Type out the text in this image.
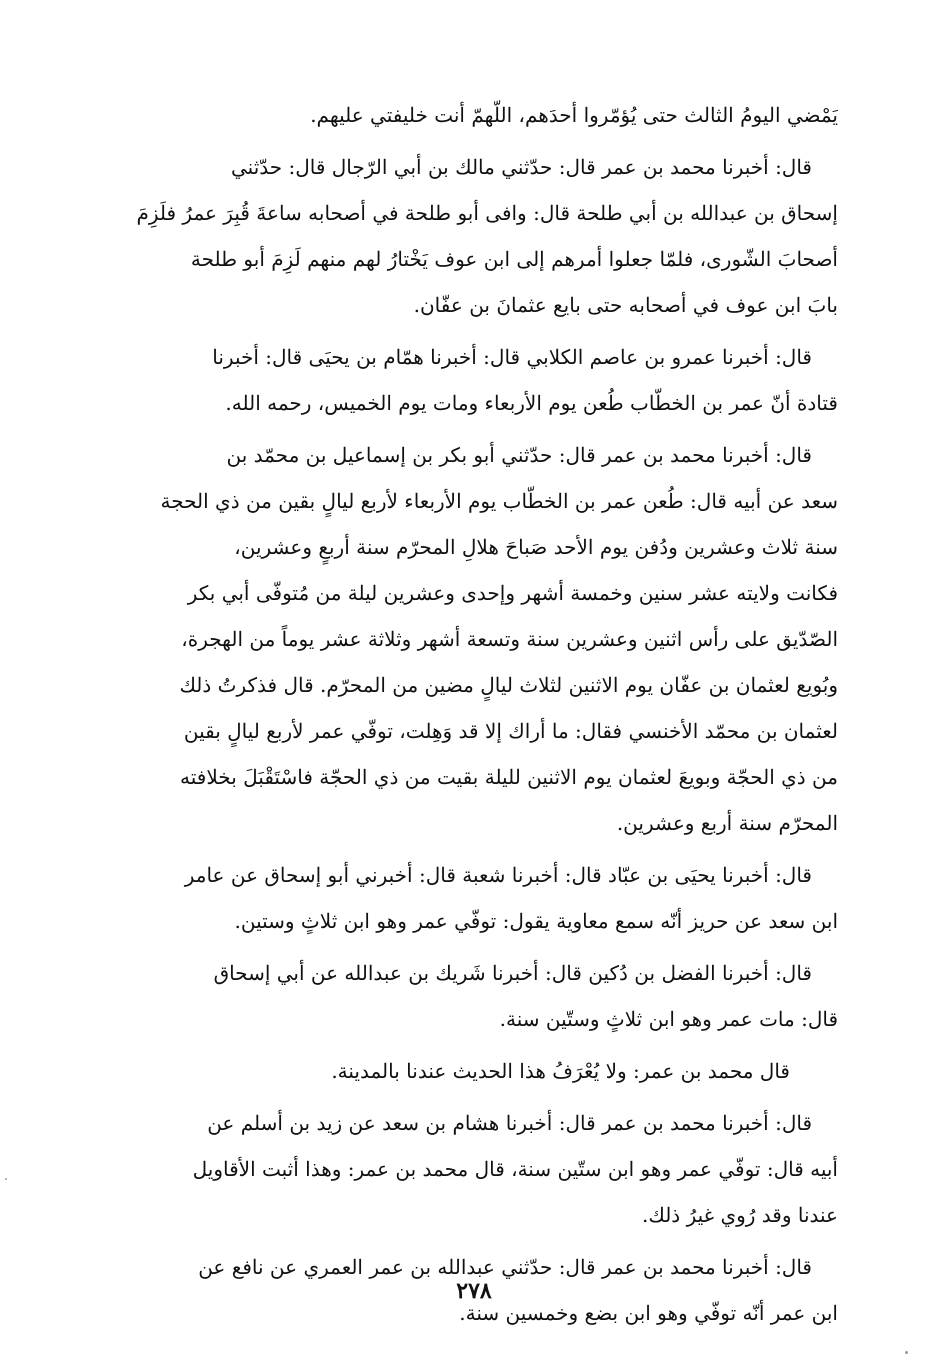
يَمْضي اليومُ الثالث حتى يُؤمّروا أحدَهم، اللّهمّ أنت خليفتي عليهم.
قال: أخبرنا محمد بن عمر قال: حدّثني مالك بن أبي الرّجال قال: حدّثني
إسحاق بن عبدالله بن أبي طلحة قال: وافى أبو طلحة في أصحابه ساعةَ قُبِرَ عمرُ فلَزِمَ
أصحابَ الشّورى، فلمّا جعلوا أمرهم إلى ابن عوف يَخْتارُ لهم منهم لَزِمَ أبو طلحة
بابَ ابن عوف في أصحابه حتى بايع عثمانَ بن عفّان.
قال: أخبرنا عمرو بن عاصم الكلابي قال: أخبرنا همّام بن يحيَى قال: أخبرنا
قتادة أنّ عمر بن الخطّاب طُعن يوم الأربعاء ومات يوم الخميس، رحمه الله.
قال: أخبرنا محمد بن عمر قال: حدّثني أبو بكر بن إسماعيل بن محمّد بن
سعد عن أبيه قال: طُعن عمر بن الخطّاب يوم الأربعاء لأربع ليالٍ بقين من ذي الحجة
سنة ثلاث وعشرين ودُفن يوم الأحد صَباحَ هلالِ المحرّم سنة أربعٍ وعشرين،
فكانت ولايته عشر سنين وخمسة أشهر وإحدى وعشرين ليلة من مُتوفّى أبي بكر
الصّدّيق على رأس اثنين وعشرين سنة وتسعة أشهر وثلاثة عشر يوماً من الهجرة،
وبُويع لعثمان بن عفّان يوم الاثنين لثلاث ليالٍ مضين من المحرّم. قال فذكرتُ ذلك
لعثمان بن محمّد الأخنسي فقال: ما أراك إلا قد وَهِلت، توفّي عمر لأربع ليالٍ بقين
من ذي الحجّة وبويعَ لعثمان يوم الاثنين لليلة بقيت من ذي الحجّة فاسْتَقْبَلَ بخلافته
المحرّم سنة أربع وعشرين.
قال: أخبرنا يحيَى بن عبّاد قال: أخبرنا شعبة قال: أخبرني أبو إسحاق عن عامر
ابن سعد عن حريز أنّه سمع معاوية يقول: توفّي عمر وهو ابن ثلاثٍ وستين.
قال: أخبرنا الفضل بن دُكين قال: أخبرنا شَريك بن عبدالله عن أبي إسحاق
قال: مات عمر وهو ابن ثلاثٍ وستّين سنة.
قال محمد بن عمر: ولا يُعْرَفُ هذا الحديث عندنا بالمدينة.
قال: أخبرنا محمد بن عمر قال: أخبرنا هشام بن سعد عن زيد بن أسلم عن
أبيه قال: توفّي عمر وهو ابن ستّين سنة، قال محمد بن عمر: وهذا أثبت الأقاويل
عندنا وقد رُوي غيرُ ذلك.
قال: أخبرنا محمد بن عمر قال: حدّثني عبدالله بن عمر العمري عن نافع عن
ابن عمر أنّه توفّي وهو ابن بضع وخمسين سنة.
٢٧٨
